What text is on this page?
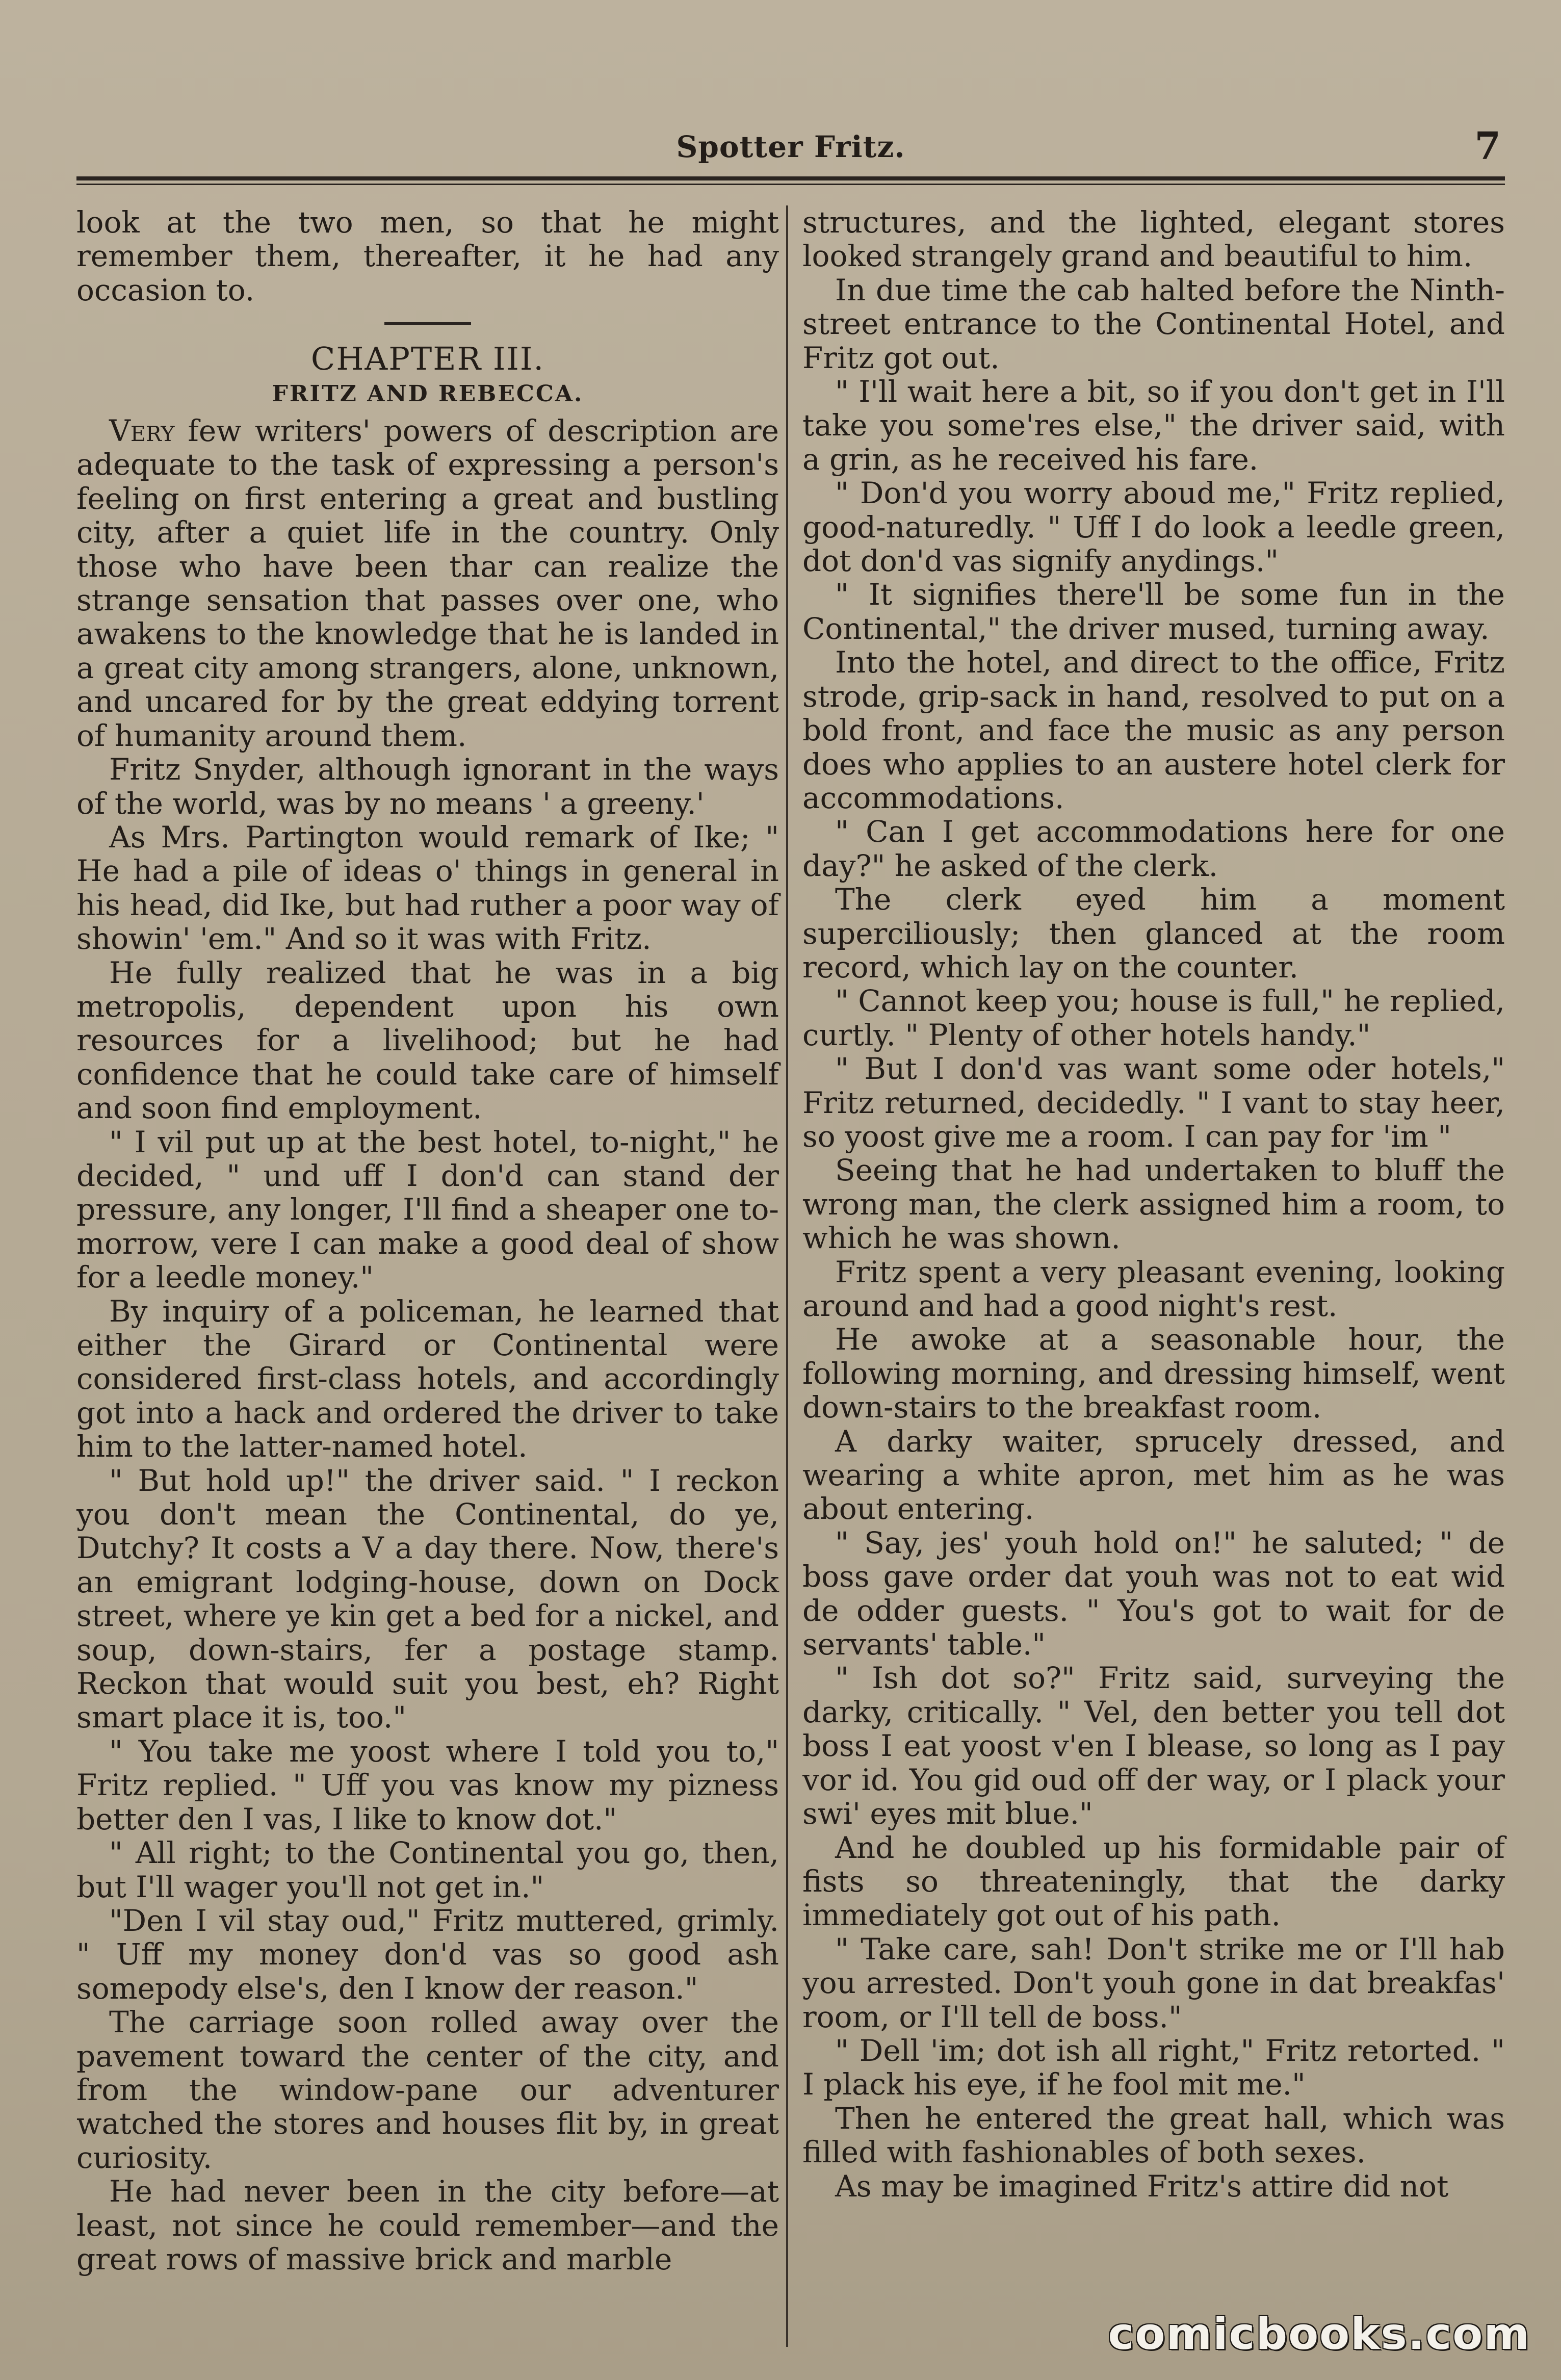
Spotter Fritz.	7

look at the two men, so that he might remember them, thereafter, it he had any occasion to.

CHAPTER III.
FRITZ AND REBECCA.

Very few writers' powers of description are adequate to the task of expressing a person's feeling on first entering a great and bustling city, after a quiet life in the country. Only those who have been thar can realize the strange sensation that passes over one, who awakens to the knowledge that he is landed in a great city among strangers, alone, unknown, and uncared for by the great eddying torrent of humanity around them.

Fritz Snyder, although ignorant in the ways of the world, was by no means ' a greeny.'

As Mrs. Partington would remark of Ike; " He had a pile of ideas o' things in general in his head, did Ike, but had ruther a poor way of showin' 'em." And so it was with Fritz.

He fully realized that he was in a big metropolis, dependent upon his own resources for a livelihood; but he had confidence that he could take care of himself and soon find employment.

" I vil put up at the best hotel, to-night," he decided, " und uff I don'd can stand der pressure, any longer, I'll find a sheaper one to-morrow, vere I can make a good deal of show for a leedle money."

By inquiry of a policeman, he learned that either the Girard or Continental were considered first-class hotels, and accordingly got into a hack and ordered the driver to take him to the latter-named hotel.

" But hold up!" the driver said. " I reckon you don't mean the Continental, do ye, Dutchy? It costs a V a day there. Now, there's an emigrant lodging-house, down on Dock street, where ye kin get a bed for a nickel, and soup, down-stairs, fer a postage stamp. Reckon that would suit you best, eh? Right smart place it is, too."

" You take me yoost where I told you to," Fritz replied. " Uff you vas know my pizness better den I vas, I like to know dot."

" All right; to the Continental you go, then, but I'll wager you'll not get in."

"Den I vil stay oud," Fritz muttered, grimly. " Uff my money don'd vas so good ash somepody else's, den I know der reason."

The carriage soon rolled away over the pavement toward the center of the city, and from the window-pane our adventurer watched the stores and houses flit by, in great curiosity.

He had never been in the city before—at least, not since he could remember—and the great rows of massive brick and marble

structures, and the lighted, elegant stores looked strangely grand and beautiful to him.

In due time the cab halted before the Ninth-street entrance to the Continental Hotel, and Fritz got out.

" I'll wait here a bit, so if you don't get in I'll take you some'res else," the driver said, with a grin, as he received his fare.

" Don'd you worry aboud me," Fritz replied, good-naturedly. " Uff I do look a leedle green, dot don'd vas signify anydings."

" It signifies there'll be some fun in the Continental," the driver mused, turning away.

Into the hotel, and direct to the office, Fritz strode, grip-sack in hand, resolved to put on a bold front, and face the music as any person does who applies to an austere hotel clerk for accommodations.

" Can I get accommodations here for one day?" he asked of the clerk.

The clerk eyed him a moment superciliously; then glanced at the room record, which lay on the counter.

" Cannot keep you; house is full," he replied, curtly. " Plenty of other hotels handy."

" But I don'd vas want some oder hotels," Fritz returned, decidedly. " I vant to stay heer, so yoost give me a room. I can pay for 'im "

Seeing that he had undertaken to bluff the wrong man, the clerk assigned him a room, to which he was shown.

Fritz spent a very pleasant evening, looking around and had a good night's rest.

He awoke at a seasonable hour, the following morning, and dressing himself, went down-stairs to the breakfast room.

A darky waiter, sprucely dressed, and wearing a white apron, met him as he was about entering.

" Say, jes' youh hold on!" he saluted; " de boss gave order dat youh was not to eat wid de odder guests. " You's got to wait for de servants' table."

" Ish dot so?" Fritz said, surveying the darky, critically. " Vel, den better you tell dot boss I eat yoost v'en I blease, so long as I pay vor id. You gid oud off der way, or I plack your swi' eyes mit blue."

And he doubled up his formidable pair of fists so threateningly, that the darky immediately got out of his path.

" Take care, sah! Don't strike me or I'll hab you arrested. Don't youh gone in dat breakfas' room, or I'll tell de boss."

" Dell 'im; dot ish all right," Fritz retorted. " I plack his eye, if he fool mit me."

Then he entered the great hall, which was filled with fashionables of both sexes.

As may be imagined Fritz's attire did not

comicbooks.com
